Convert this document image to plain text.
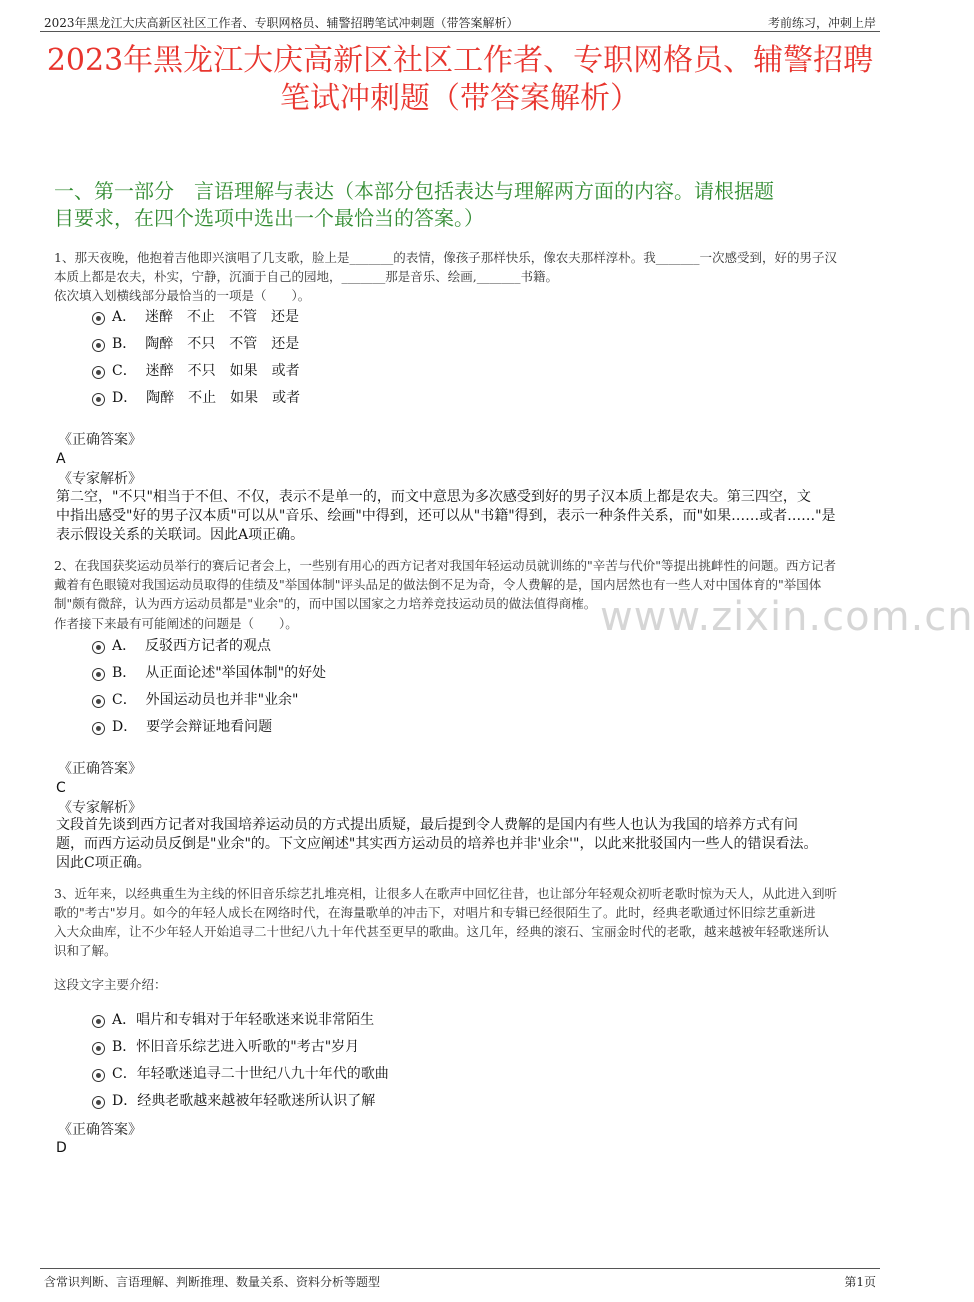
2023年黑龙江大庆高新区社区工作者、专职网格员、辅警招聘笔试冲刺题（带答案解析）	考前练习，冲刺上岸
2023年黑龙江大庆高新区社区工作者、专职网格员、辅警招聘
笔试冲刺题（带答案解析）
一、第一部分　言语理解与表达（本部分包括表达与理解两方面的内容。请根据题
目要求，在四个选项中选出一个最恰当的答案。）
www.zixin.com.cn
1、那天夜晚，他抱着吉他即兴演唱了几支歌，脸上是_______的表情，像孩子那样快乐，像农夫那样淳朴。我_______一次感受到，好的男子汉
本质上都是农夫，朴实，宁静，沉湎于自己的园地，_______那是音乐、绘画,_______书籍。
依次填入划横线部分最恰当的一项是（　　）。

A．  迷醉　不止　不管　还是

B．  陶醉　不只　不管　还是

C．  迷醉　不只　如果　或者

D．  陶醉　不止　如果　或者

《正确答案》
A
《专家解析》
第二空，"不只"相当于不但、不仅，表示不是单一的，而文中意思为多次感受到好的男子汉本质上都是农夫。第三四空，文
中指出感受"好的男子汉本质"可以从"音乐、绘画"中得到，还可以从"书籍"得到，表示一种条件关系，而"如果……或者……"是
表示假设关系的关联词。因此A项正确。
2、在我国获奖运动员举行的赛后记者会上，一些别有用心的西方记者对我国年轻运动员就训练的"辛苦与代价"等提出挑衅性的问题。西方记者
戴着有色眼镜对我国运动员取得的佳绩及"举国体制"评头品足的做法倒不足为奇，令人费解的是，国内居然也有一些人对中国体育的"举国体
制"颇有微辞，认为西方运动员都是"业余"的，而中国以国家之力培养竞技运动员的做法值得商榷。
作者接下来最有可能阐述的问题是（　　）。

A．  反驳西方记者的观点

B．  从正面论述"举国体制"的好处

C．  外国运动员也并非"业余"

D．  要学会辩证地看问题

《正确答案》
C
《专家解析》
文段首先谈到西方记者对我国培养运动员的方式提出质疑，最后提到令人费解的是国内有些人也认为我国的培养方式有问
题，而西方运动员反倒是"业余"的。下文应阐述"其实西方运动员的培养也并非'业余'"，以此来批驳国内一些人的错误看法。
因此C项正确。
3、近年来，以经典重生为主线的怀旧音乐综艺扎堆亮相，让很多人在歌声中回忆往昔，也让部分年轻观众初听老歌时惊为天人，从此进入到听
歌的"考古"岁月。如今的年轻人成长在网络时代，在海量歌单的冲击下，对唱片和专辑已经很陌生了。此时，经典老歌通过怀旧综艺重新进
入大众曲库，让不少年轻人开始追寻二十世纪八九十年代甚至更早的歌曲。这几年，经典的滚石、宝丽金时代的老歌，越来越被年轻歌迷所认
识和了解。
这段文字主要介绍：

A．唱片和专辑对于年轻歌迷来说非常陌生

B．怀旧音乐综艺进入听歌的"考古"岁月

C．年轻歌迷追寻二十世纪八九十年代的歌曲

D．经典老歌越来越被年轻歌迷所认识了解

《正确答案》
D
含常识判断、言语理解、判断推理、数量关系、资料分析等题型	第1页
